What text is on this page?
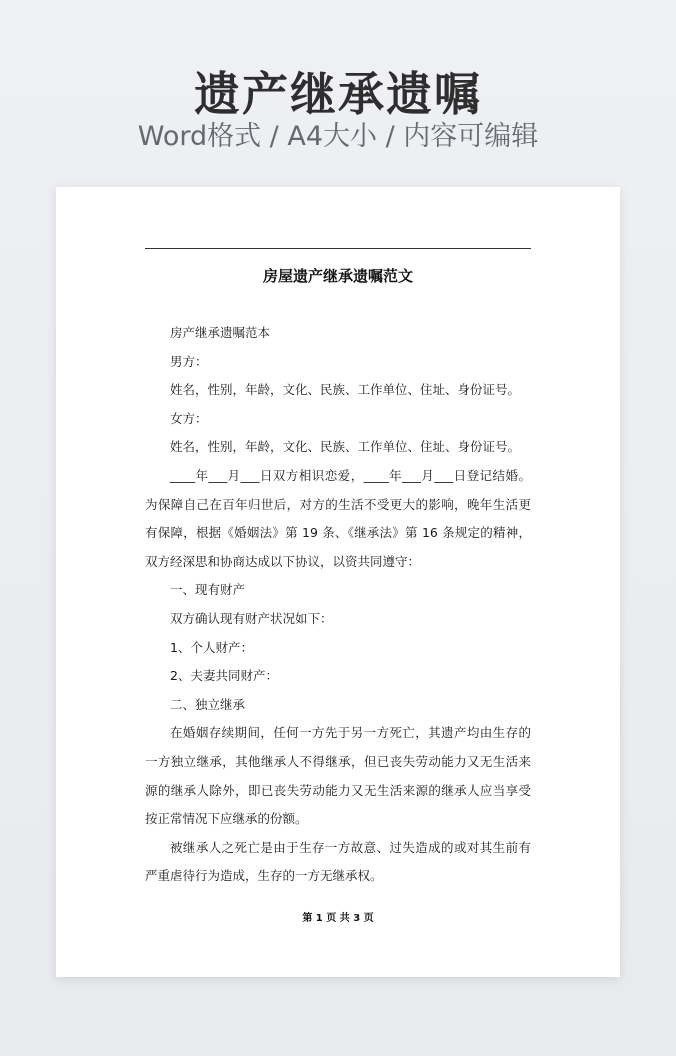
遗产继承遗嘱
Word格式 / A4大小 / 内容可编辑
房屋遗产继承遗嘱范文

房产继承遗嘱范本

男方：

姓名，性别，年龄，文化、民族、工作单位、住址、身份证号。

女方：

姓名，性别，年龄，文化、民族、工作单位、住址、身份证号。

____年___月___日双方相识恋爱，____年___月___日登记结婚。为保障自己在百年归世后，对方的生活不受更大的影响，晚年生活更有保障，根据《婚姻法》第 19 条、《继承法》第 16 条规定的精神，双方经深思和协商达成以下协议，以资共同遵守：

一、现有财产

双方确认现有财产状况如下：

1、个人财产：

2、夫妻共同财产：

二、独立继承

在婚姻存续期间，任何一方先于另一方死亡，其遗产均由生存的一方独立继承，其他继承人不得继承，但已丧失劳动能力又无生活来源的继承人除外，即已丧失劳动能力又无生活来源的继承人应当享受按正常情况下应继承的份额。

被继承人之死亡是由于生存一方故意、过失造成的或对其生前有严重虐待行为造成，生存的一方无继承权。

第 1 页 共 3 页
